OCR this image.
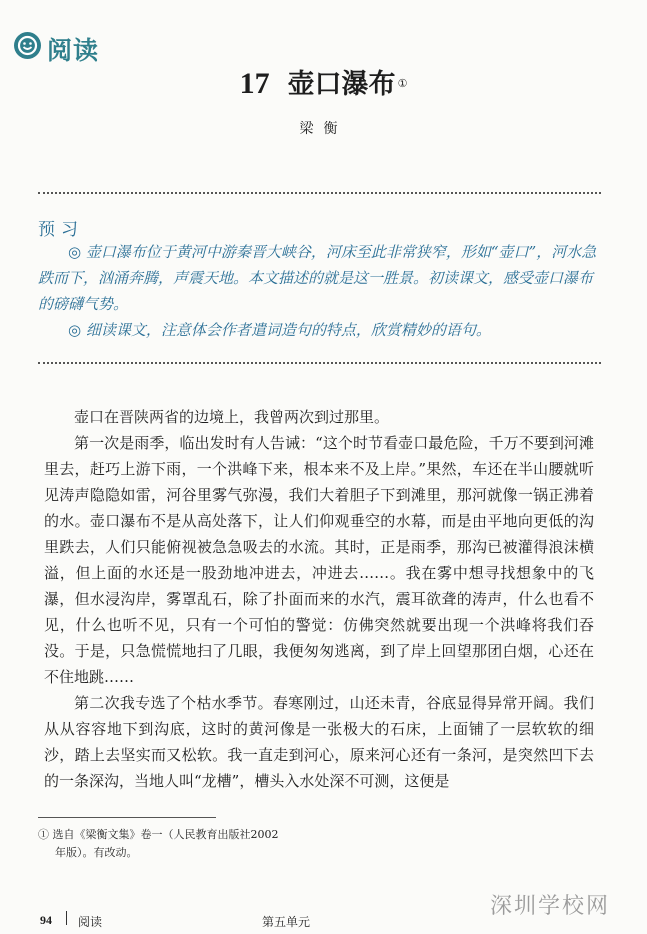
阅读
17 壶口瀑布 ①
梁衡
预习

◎ 壶口瀑布位于黄河中游秦晋大峡谷，河床至此非常狭窄，形如“壶口”，河水急跌而下，汹涌奔腾，声震天地。本文描述的就是这一胜景。初读课文，感受壶口瀑布的磅礴气势。

◎ 细读课文，注意体会作者遣词造句的特点，欣赏精妙的语句。

壶口在晋陕两省的边境上，我曾两次到过那里。

第一次是雨季，临出发时有人告诫：“这个时节看壶口最危险，千万不要到河滩里去，赶巧上游下雨，一个洪峰下来，根本来不及上岸。”果然，车还在半山腰就听见涛声隐隐如雷，河谷里雾气弥漫，我们大着胆子下到滩里，那河就像一锅正沸着的水。壶口瀑布不是从高处落下，让人们仰观垂空的水幕，而是由平地向更低的沟里跌去，人们只能俯视被急急吸去的水流。其时，正是雨季，那沟已被灌得浪沫横溢，但上面的水还是一股劲地冲进去，冲进去……。我在雾中想寻找想象中的飞瀑，但水浸沟岸，雾罩乱石，除了扑面而来的水汽，震耳欲聋的涛声，什么也看不见，什么也听不见，只有一个可怕的警觉：仿佛突然就要出现一个洪峰将我们吞没。于是，只急慌慌地扫了几眼，我便匆匆逃离，到了岸上回望那团白烟，心还在不住地跳……

第二次我专选了个枯水季节。春寒刚过，山还未青，谷底显得异常开阔。我们从从容容地下到沟底，这时的黄河像是一张极大的石床，上面铺了一层软软的细沙，踏上去坚实而又松软。我一直走到河心，原来河心还有一条河，是突然凹下去的一条深沟，当地人叫“龙槽”，槽头入水处深不可测，这便是

① 选自《梁衡文集》卷一（人民教育出版社2002
年版）。有改动。
94 阅读	第五单元
深圳学校网
